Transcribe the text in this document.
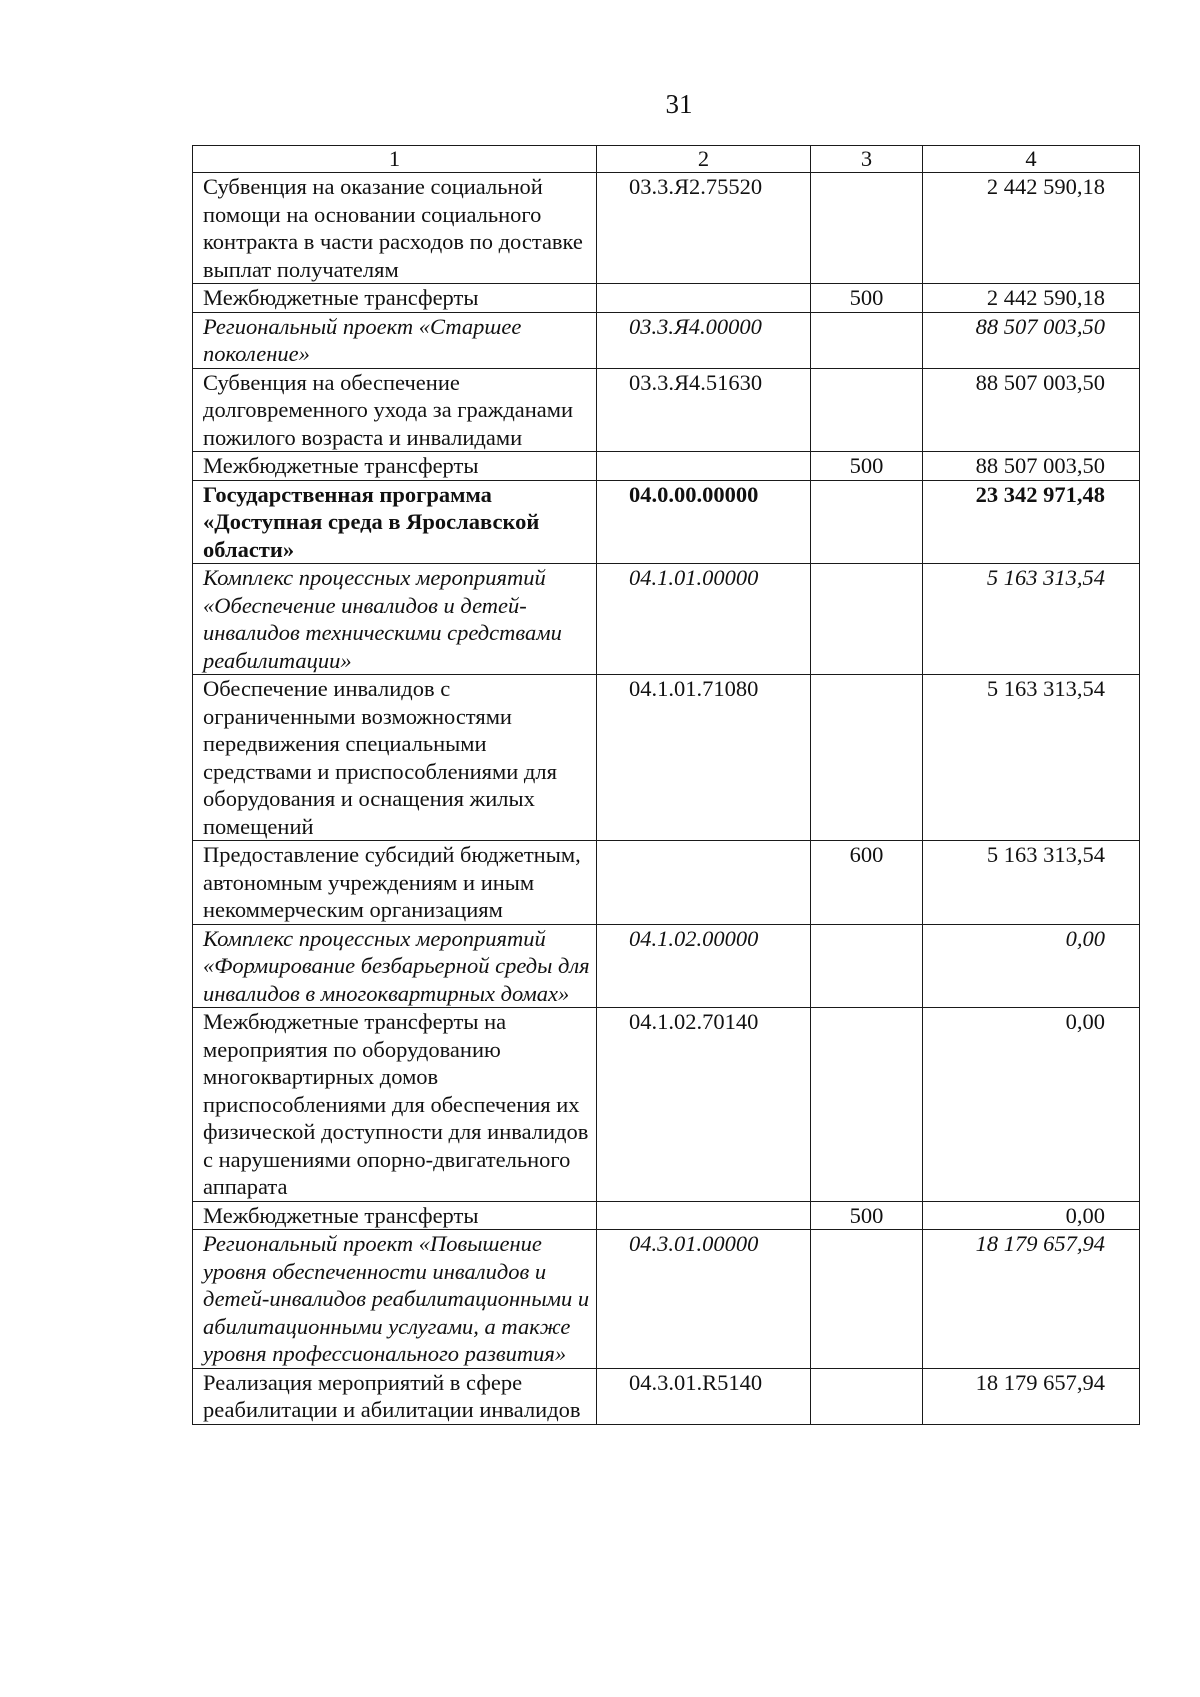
31
1	2	3	4
Субвенция на оказание социальной помощи на основании социального контракта в части расходов по доставке выплат получателям	03.3.Я2.75520		2 442 590,18
Межбюджетные трансферты		500	2 442 590,18
Региональный проект «Старшее поколение»	03.3.Я4.00000		88 507 003,50
Субвенция на обеспечение долговременного ухода за гражданами пожилого возраста и инвалидами	03.3.Я4.51630		88 507 003,50
Межбюджетные трансферты		500	88 507 003,50
Государственная программа «Доступная среда в Ярославской области»	04.0.00.00000		23 342 971,48
Комплекс процессных мероприятий «Обеспечение инвалидов и детей-инвалидов техническими средствами реабилитации»	04.1.01.00000		5 163 313,54
Обеспечение инвалидов с ограниченными возможностями передвижения специальными средствами и приспособлениями для оборудования и оснащения жилых помещений	04.1.01.71080		5 163 313,54
Предоставление субсидий бюджетным, автономным учреждениям и иным некоммерческим организациям		600	5 163 313,54
Комплекс процессных мероприятий «Формирование безбарьерной среды для инвалидов в многоквартирных домах»	04.1.02.00000		0,00
Межбюджетные трансферты на мероприятия по оборудованию многоквартирных домов приспособлениями для обеспечения их физической доступности для инвалидов с нарушениями опорно-двигательного аппарата	04.1.02.70140		0,00
Межбюджетные трансферты		500	0,00
Региональный проект «Повышение уровня обеспеченности инвалидов и детей-инвалидов реабилитационными и абилитационными услугами, а также уровня профессионального развития»	04.3.01.00000		18 179 657,94
Реализация мероприятий в сфере реабилитации и абилитации инвалидов	04.3.01.R5140		18 179 657,94
